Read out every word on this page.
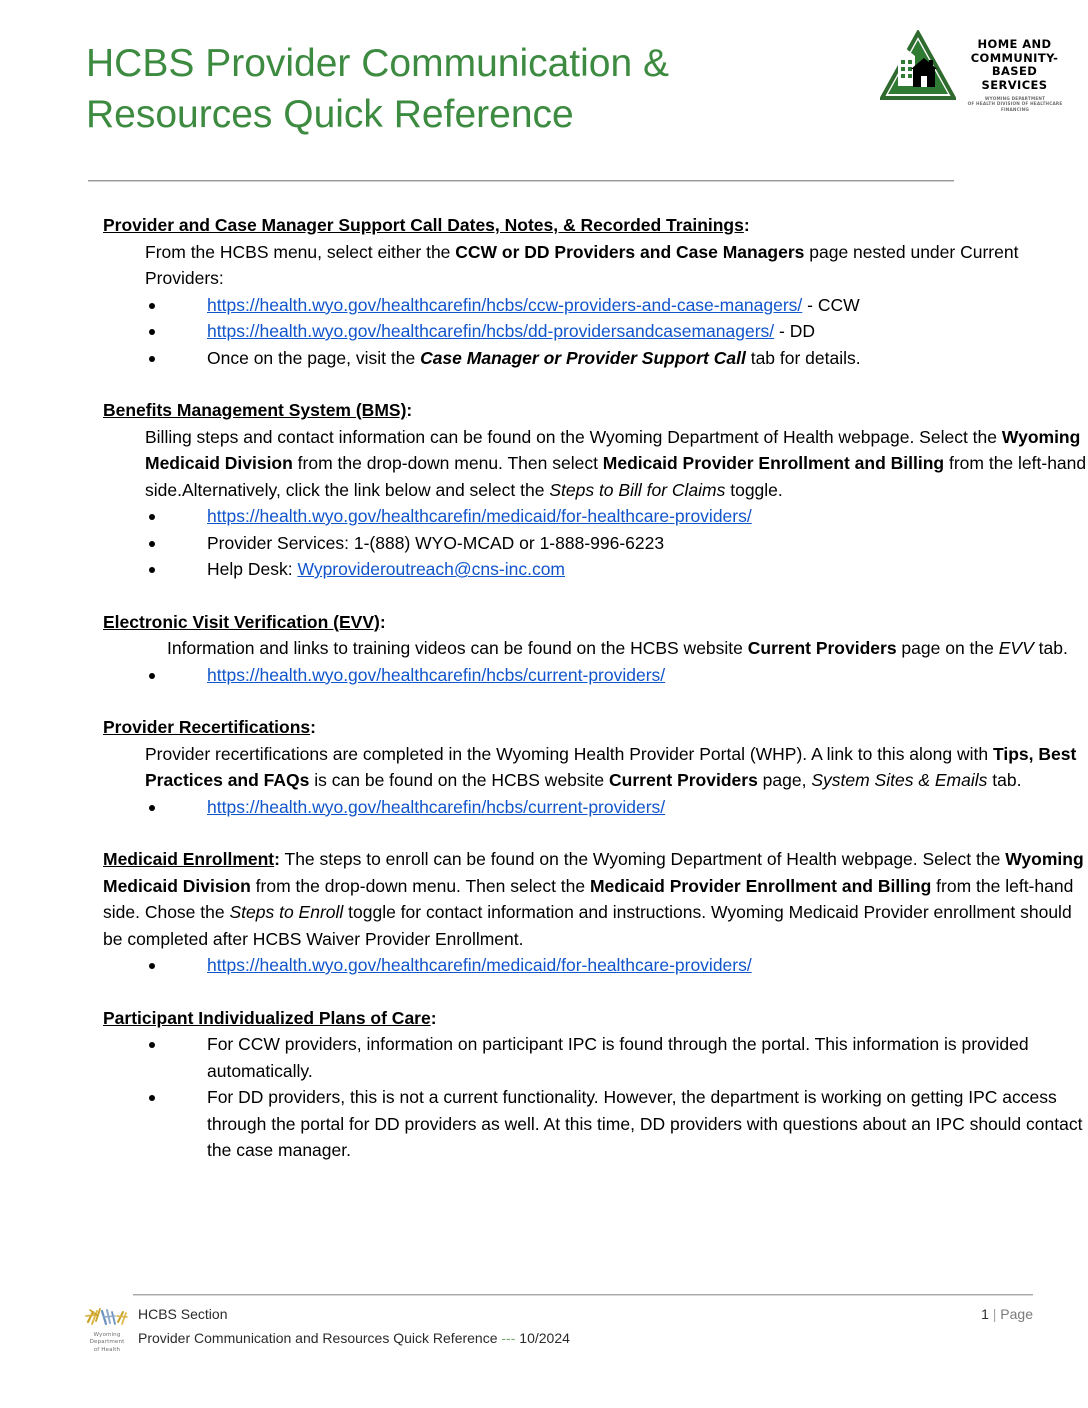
HCBS Provider Communication &
Resources Quick Reference
HOME AND
COMMUNITY-
BASED
SERVICES
WYOMING DEPARTMENT
OF HEALTH DIVISION OF HEALTHCARE FINANCING
Provider and Case Manager Support Call Dates, Notes, & Recorded Trainings:
From the HCBS menu, select either the CCW or DD Providers and Case Managers page nested under Current Providers:
https://health.wyo.gov/healthcarefin/hcbs/ccw-providers-and-case-managers/ - CCW
https://health.wyo.gov/healthcarefin/hcbs/dd-providersandcasemanagers/ - DD
Once on the page, visit the Case Manager or Provider Support Call tab for details.
Benefits Management System (BMS):
Billing steps and contact information can be found on the Wyoming Department of Health webpage. Select the Wyoming Medicaid Division from the drop-down menu. Then select Medicaid Provider Enrollment and Billing from the left-hand side.Alternatively, click the link below and select the Steps to Bill for Claims toggle.
https://health.wyo.gov/healthcarefin/medicaid/for-healthcare-providers/
Provider Services: 1-(888) WYO-MCAD or 1-888-996-6223
Help Desk: Wyprovideroutreach@cns-inc.com
Electronic Visit Verification (EVV):
Information and links to training videos can be found on the HCBS website Current Providers page on the EVV tab.
https://health.wyo.gov/healthcarefin/hcbs/current-providers/
Provider Recertifications:
Provider recertifications are completed in the Wyoming Health Provider Portal (WHP). A link to this along with Tips, Best Practices and FAQs is can be found on the HCBS website Current Providers page, System Sites & Emails tab.
https://health.wyo.gov/healthcarefin/hcbs/current-providers/
Medicaid Enrollment: The steps to enroll can be found on the Wyoming Department of Health webpage. Select the Wyoming Medicaid Division from the drop-down menu. Then select the Medicaid Provider Enrollment and Billing from the left-hand side. Chose the Steps to Enroll toggle for contact information and instructions. Wyoming Medicaid Provider enrollment should be completed after HCBS Waiver Provider Enrollment.
https://health.wyo.gov/healthcarefin/medicaid/for-healthcare-providers/
Participant Individualized Plans of Care:
For CCW providers, information on participant IPC is found through the portal. This information is provided automatically.
For DD providers, this is not a current functionality. However, the department is working on getting IPC access through the portal for DD providers as well. At this time, DD providers with questions about an IPC should contact the case manager.
Wyoming
Department
of Health
HCBS Section
Provider Communication and Resources Quick Reference --- 10/2024
1 | Page
